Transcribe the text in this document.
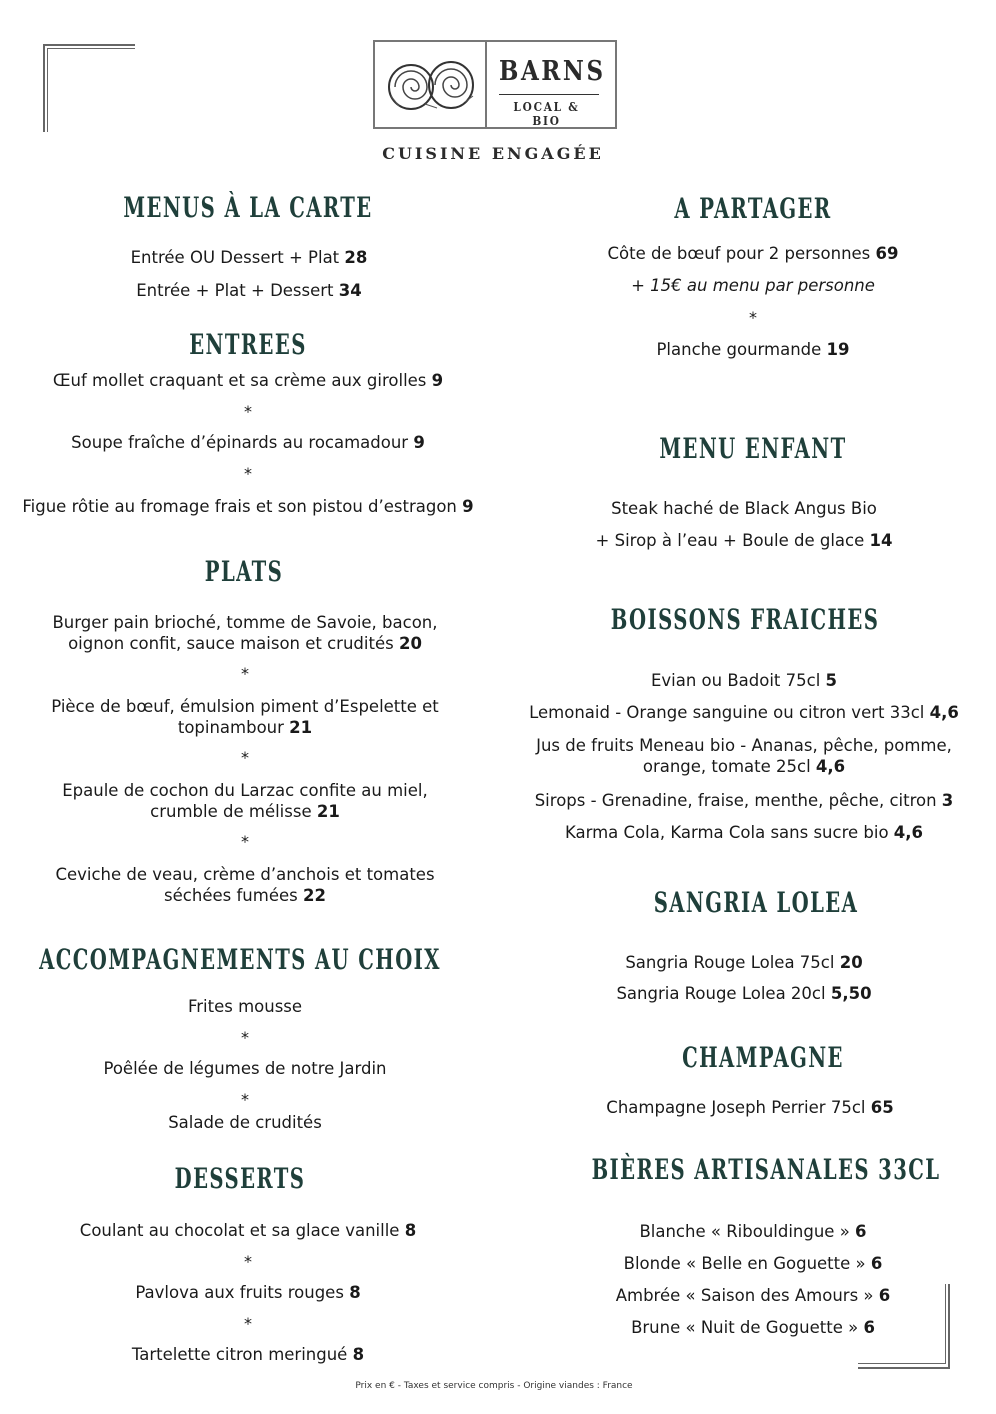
BARNS
LOCAL & BIO
CUISINE ENGAGÉE
MENUS À LA CARTE
Entrée OU Dessert + Plat 28
Entrée + Plat + Dessert 34
ENTREES
Œuf mollet craquant et sa crème aux girolles 9
*
Soupe fraîche d’épinards au rocamadour 9
*
Figue rôtie au fromage frais et son pistou d’estragon 9
PLATS
Burger pain brioché, tomme de Savoie, bacon,
oignon confit, sauce maison et crudités 20
*
Pièce de bœuf, émulsion piment d’Espelette et
topinambour 21
*
Epaule de cochon du Larzac confite au miel,
crumble de mélisse 21
*
Ceviche de veau, crème d’anchois et tomates
séchées fumées 22
ACCOMPAGNEMENTS AU CHOIX
Frites mousse
*
Poêlée de légumes de notre Jardin
*
Salade de crudités
DESSERTS
Coulant au chocolat et sa glace vanille 8
*
Pavlova aux fruits rouges 8
*
Tartelette citron meringué 8
A PARTAGER
Côte de bœuf pour 2 personnes 69
+ 15€ au menu par personne
*
Planche gourmande 19
MENU ENFANT
Steak haché de Black Angus Bio
+ Sirop à l’eau + Boule de glace 14
BOISSONS FRAICHES
Evian ou Badoit 75cl 5
Lemonaid - Orange sanguine ou citron vert 33cl 4,6
Jus de fruits Meneau bio - Ananas, pêche, pomme,
orange, tomate 25cl 4,6
Sirops - Grenadine, fraise, menthe, pêche, citron 3
Karma Cola, Karma Cola sans sucre bio 4,6
SANGRIA LOLEA
Sangria Rouge Lolea 75cl 20
Sangria Rouge Lolea 20cl 5,50
CHAMPAGNE
Champagne Joseph Perrier 75cl 65
BIÈRES ARTISANALES 33CL
Blanche « Ribouldingue » 6
Blonde « Belle en Goguette » 6
Ambrée « Saison des Amours » 6
Brune « Nuit de Goguette » 6
Prix en € - Taxes et service compris - Origine viandes : France
